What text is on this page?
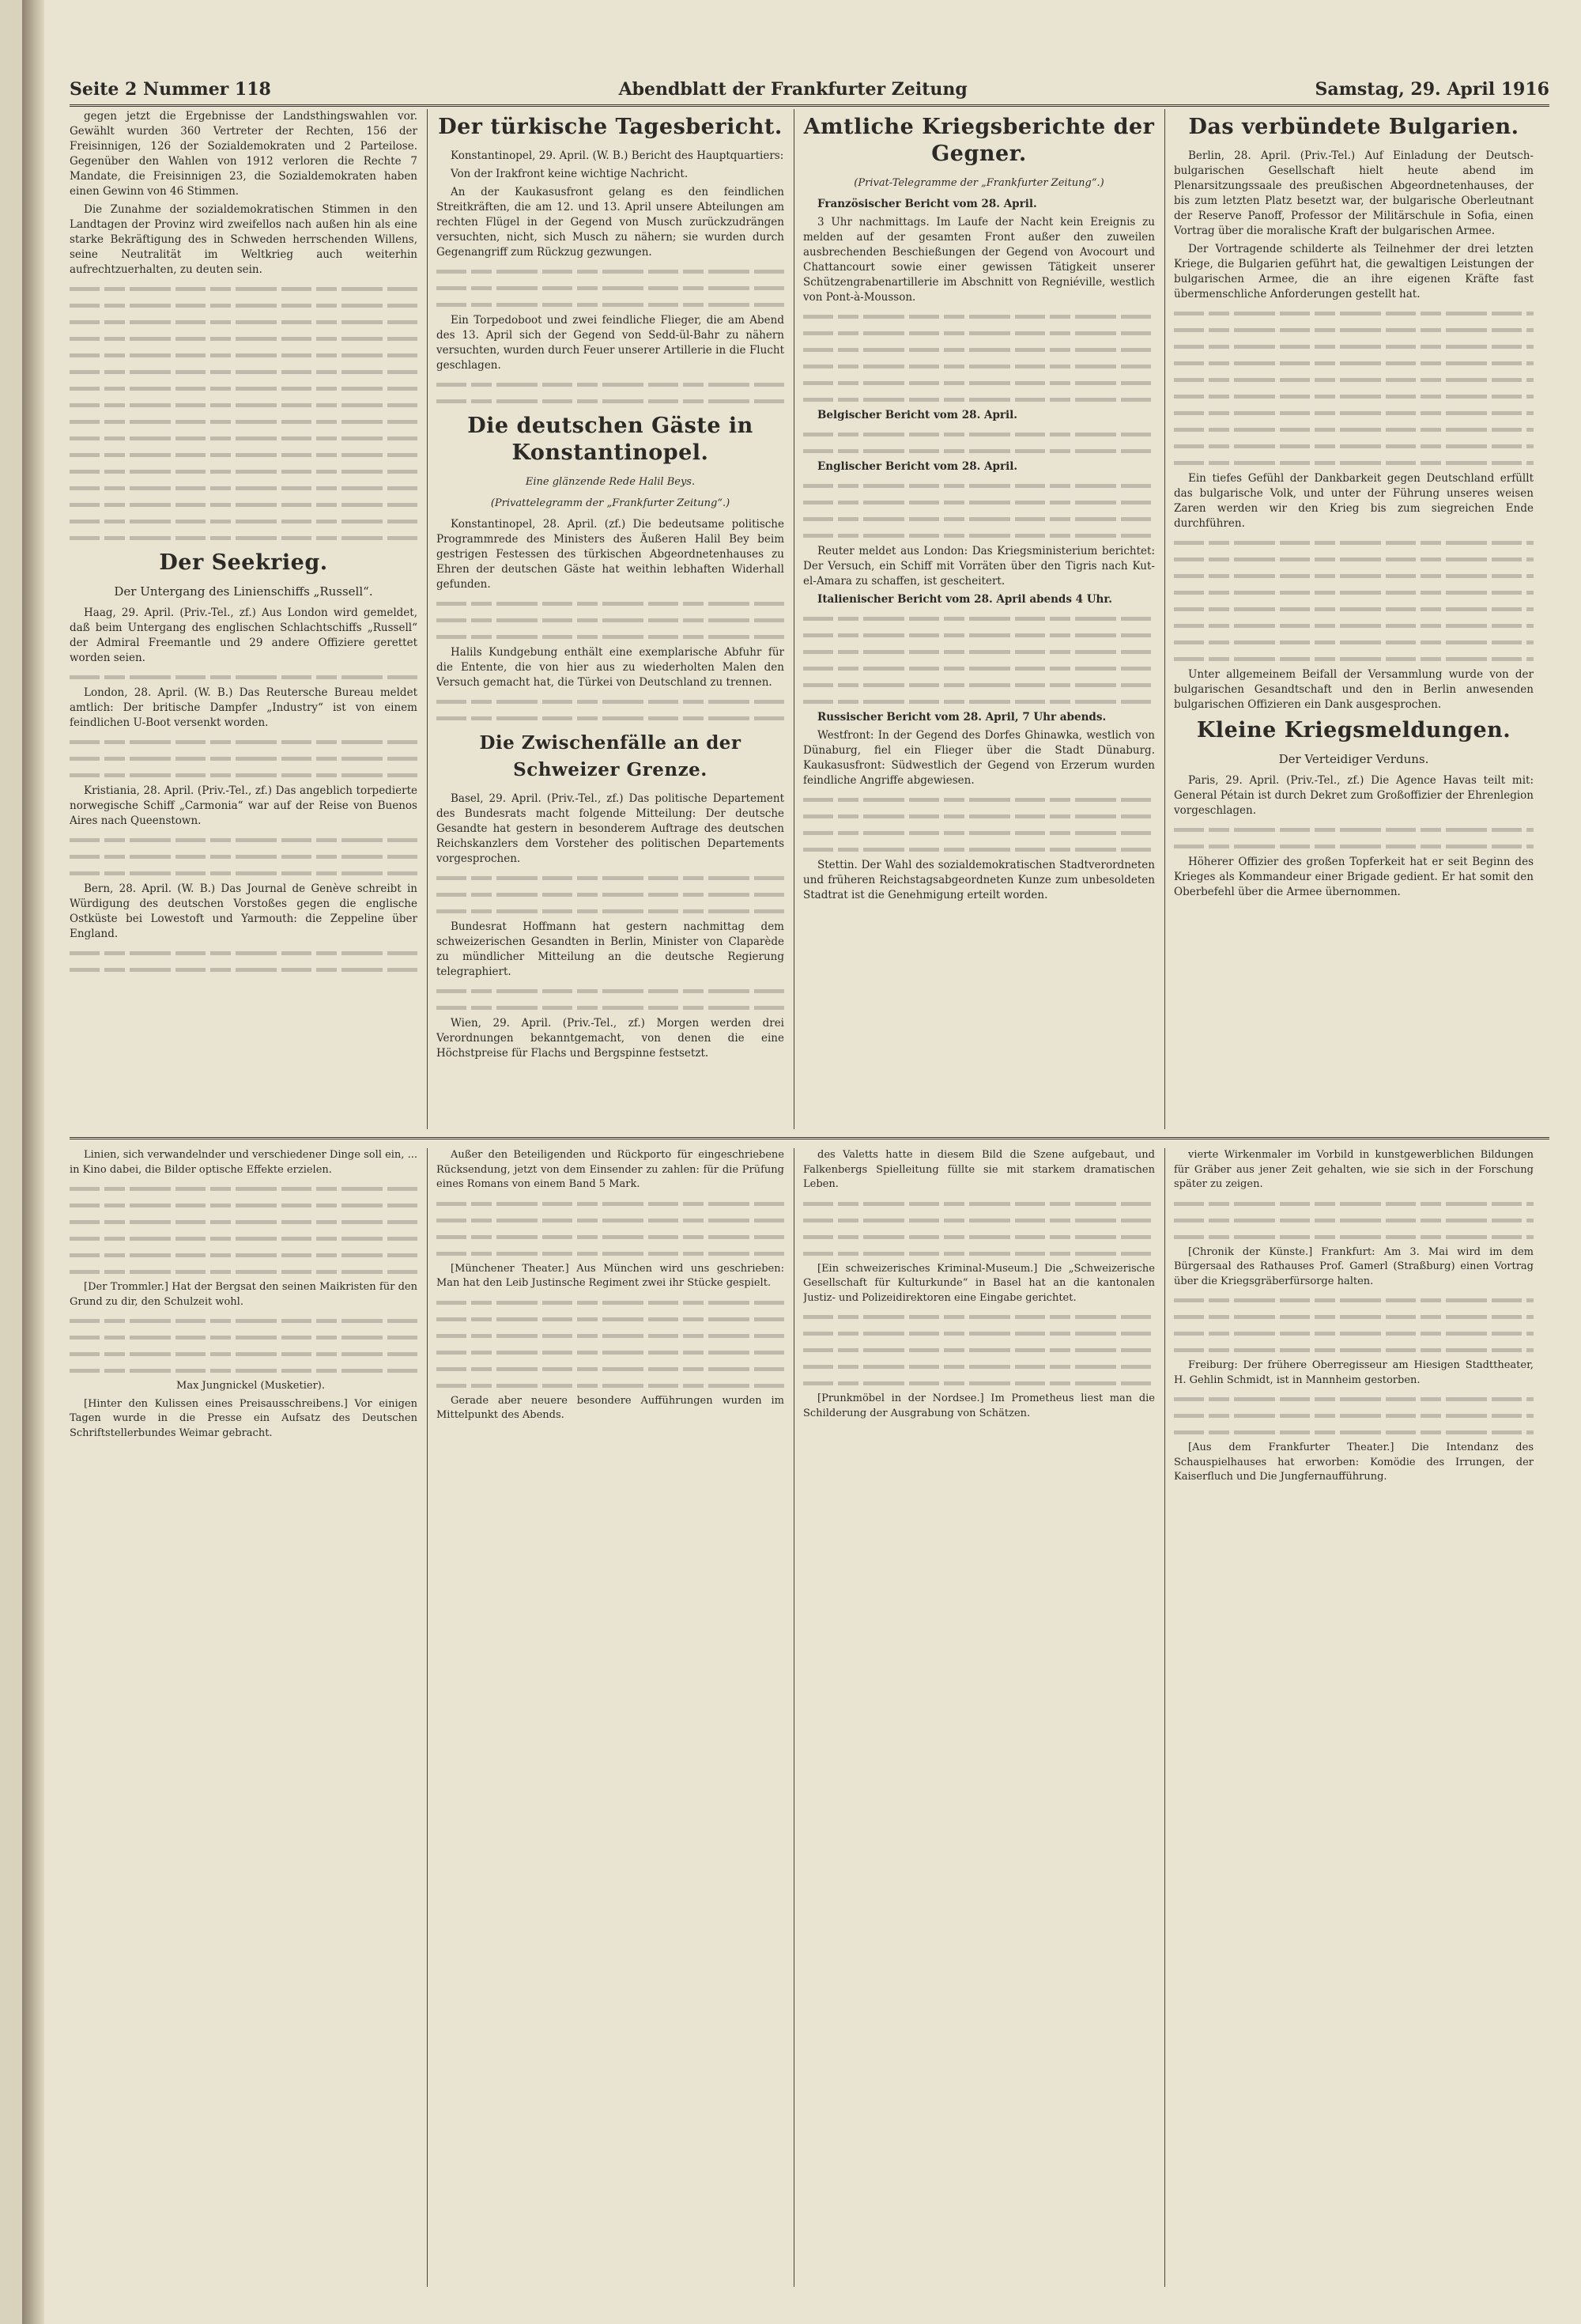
Seite 2 Nummer 118	Abendblatt der Frankfurter Zeitung	Samstag, 29. April 1916

gegen jetzt die Ergebnisse der Landsthingswahlen vor. Gewählt wurden 360 Vertreter der Rechten, 156 der Freisinnigen, 126 der Sozialdemokraten und 2 Parteilose. Gegenüber den Wahlen von 1912 verloren die Rechte 7 Mandate, die Freisinnigen 23, die Sozialdemokraten haben einen Gewinn von 46 Stimmen.

Die Zunahme der sozialdemokratischen Stimmen in den Landtagen der Provinz wird zweifellos nach außen hin als eine starke Bekräftigung des in Schweden herrschenden Willens, seine Neutralität im Weltkrieg auch weiterhin aufrechtzuerhalten, zu deuten sein.

Der Seekrieg.
Der Untergang des Linienschiffs „Russell“.

Haag, 29. April. (Priv.-Tel., zf.) Aus London wird gemeldet, daß beim Untergang des englischen Schlachtschiffs „Russell“ der Admiral Freemantle und 29 andere Offiziere gerettet worden seien.

London, 28. April. (W. B.) Das Reutersche Bureau meldet amtlich: Der britische Dampfer „Industry“ ist von einem feindlichen U-Boot versenkt worden.

Kristiania, 28. April. (Priv.-Tel., zf.) Das angeblich torpedierte norwegische Schiff „Carmonia“ war auf der Reise von Buenos Aires nach Queenstown.

Bern, 28. April. (W. B.) Das Journal de Genève schreibt in Würdigung des deutschen Vorstoßes gegen die englische Ostküste bei Lowestoft und Yarmouth: die Zeppeline über England.

Der türkische Tagesbericht.

Konstantinopel, 29. April. (W. B.) Bericht des Hauptquartiers:

Von der Irakfront keine wichtige Nachricht.

An der Kaukasusfront gelang es den feindlichen Streitkräften, die am 12. und 13. April unsere Abteilungen am rechten Flügel in der Gegend von Musch zurückzudrängen versuchten, nicht, sich Musch zu nähern; sie wurden durch Gegenangriff zum Rückzug gezwungen.

Ein Torpedoboot und zwei feindliche Flieger, die am Abend des 13. April sich der Gegend von Sedd-ül-Bahr zu nähern versuchten, wurden durch Feuer unserer Artillerie in die Flucht geschlagen.

Die deutschen Gäste in Konstantinopel.
Eine glänzende Rede Halil Beys.
(Privattelegramm der „Frankfurter Zeitung“.)

Konstantinopel, 28. April. (zf.) Die bedeutsame politische Programmrede des Ministers des Äußeren Halil Bey beim gestrigen Festessen des türkischen Abgeordnetenhauses zu Ehren der deutschen Gäste hat weithin lebhaften Widerhall gefunden.

Halils Kundgebung enthält eine exemplarische Abfuhr für die Entente, die von hier aus zu wiederholten Malen den Versuch gemacht hat, die Türkei von Deutschland zu trennen.

Die Zwischenfälle an der Schweizer Grenze.

Basel, 29. April. (Priv.-Tel., zf.) Das politische Departement des Bundesrats macht folgende Mitteilung: Der deutsche Gesandte hat gestern in besonderem Auftrage des deutschen Reichskanzlers dem Vorsteher des politischen Departements vorgesprochen.

Bundesrat Hoffmann hat gestern nachmittag dem schweizerischen Gesandten in Berlin, Minister von Claparède zu mündlicher Mitteilung an die deutsche Regierung telegraphiert.

Wien, 29. April. (Priv.-Tel., zf.) Morgen werden drei Verordnungen bekanntgemacht, von denen die eine Höchstpreise für Flachs und Bergspinne festsetzt.

Amtliche Kriegsberichte der Gegner.
(Privat-Telegramme der „Frankfurter Zeitung“.)

Französischer Bericht vom 28. April.

3 Uhr nachmittags. Im Laufe der Nacht kein Ereignis zu melden auf der gesamten Front außer den zuweilen ausbrechenden Beschießungen der Gegend von Avocourt und Chattancourt sowie einer gewissen Tätigkeit unserer Schützengrabenartillerie im Abschnitt von Regniéville, westlich von Pont-à-Mousson.

Belgischer Bericht vom 28. April.

Englischer Bericht vom 28. April.

Reuter meldet aus London: Das Kriegsministerium berichtet: Der Versuch, ein Schiff mit Vorräten über den Tigris nach Kut-el-Amara zu schaffen, ist gescheitert.

Italienischer Bericht vom 28. April abends 4 Uhr.

Russischer Bericht vom 28. April, 7 Uhr abends.

Westfront: In der Gegend des Dorfes Ghinawka, westlich von Dünaburg, fiel ein Flieger über die Stadt Dünaburg. Kaukasusfront: Südwestlich der Gegend von Erzerum wurden feindliche Angriffe abgewiesen.

Stettin. Der Wahl des sozialdemokratischen Stadtverordneten und früheren Reichstagsabgeordneten Kunze zum unbesoldeten Stadtrat ist die Genehmigung erteilt worden.

Das verbündete Bulgarien.

Berlin, 28. April. (Priv.-Tel.) Auf Einladung der Deutsch-bulgarischen Gesellschaft hielt heute abend im Plenarsitzungssaale des preußischen Abgeordnetenhauses, der bis zum letzten Platz besetzt war, der bulgarische Oberleutnant der Reserve Panoff, Professor der Militärschule in Sofia, einen Vortrag über die moralische Kraft der bulgarischen Armee.

Der Vortragende schilderte als Teilnehmer der drei letzten Kriege, die Bulgarien geführt hat, die gewaltigen Leistungen der bulgarischen Armee, die an ihre eigenen Kräfte fast übermenschliche Anforderungen gestellt hat.

Ein tiefes Gefühl der Dankbarkeit gegen Deutschland erfüllt das bulgarische Volk, und unter der Führung unseres weisen Zaren werden wir den Krieg bis zum siegreichen Ende durchführen.

Unter allgemeinem Beifall der Versammlung wurde von der bulgarischen Gesandtschaft und den in Berlin anwesenden bulgarischen Offizieren ein Dank ausgesprochen.

Kleine Kriegsmeldungen.
Der Verteidiger Verduns.

Paris, 29. April. (Priv.-Tel., zf.) Die Agence Havas teilt mit: General Pétain ist durch Dekret zum Großoffizier der Ehrenlegion vorgeschlagen.

Höherer Offizier des großen Topferkeit hat er seit Beginn des Krieges als Kommandeur einer Brigade gedient. Er hat somit den Oberbefehl über die Armee übernommen.

Linien, sich verwandelnder und verschiedener Dinge soll ein, ... in Kino dabei, die Bilder optische Effekte erzielen.

[Der Trommler.] Hat der Bergsat den seinen Maikristen für den Grund zu dir, den Schulzeit wohl.

Max Jungnickel (Musketier).

[Hinter den Kulissen eines Preisausschreibens.] Vor einigen Tagen wurde in die Presse ein Aufsatz des Deutschen Schriftstellerbundes Weimar gebracht.

Außer den Beteiligenden und Rückporto für eingeschriebene Rücksendung, jetzt von dem Einsender zu zahlen: für die Prüfung eines Romans von einem Band 5 Mark.

[Münchener Theater.] Aus München wird uns geschrieben: Man hat den Leib Justinsche Regiment zwei ihr Stücke gespielt.

Gerade aber neuere besondere Aufführungen wurden im Mittelpunkt des Abends.

des Valetts hatte in diesem Bild die Szene aufgebaut, und Falkenbergs Spielleitung füllte sie mit starkem dramatischen Leben.

[Ein schweizerisches Kriminal-Museum.] Die „Schweizerische Gesellschaft für Kulturkunde“ in Basel hat an die kantonalen Justiz- und Polizeidirektoren eine Eingabe gerichtet.

[Prunkmöbel in der Nordsee.] Im Prometheus liest man die Schilderung der Ausgrabung von Schätzen.

vierte Wirkenmaler im Vorbild in kunstgewerblichen Bildungen für Gräber aus jener Zeit gehalten, wie sie sich in der Forschung später zu zeigen.

[Chronik der Künste.] Frankfurt: Am 3. Mai wird im dem Bürgersaal des Rathauses Prof. Gamerl (Straßburg) einen Vortrag über die Kriegsgräberfürsorge halten.

Freiburg: Der frühere Oberregisseur am Hiesigen Stadttheater, H. Gehlin Schmidt, ist in Mannheim gestorben.

[Aus dem Frankfurter Theater.] Die Intendanz des Schauspielhauses hat erworben: Komödie des Irrungen, der Kaiserfluch und Die Jungfernaufführung.
